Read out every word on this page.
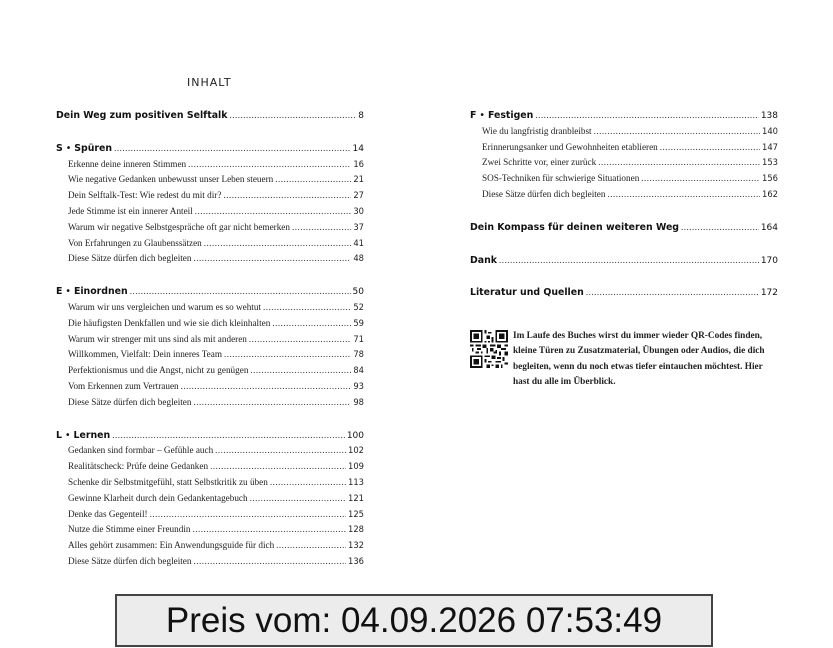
INHALT
Dein Weg zum positiven Selftalk .....	8
S • Spüren .....	14
Erkenne deine inneren Stimmen .....	16
Wie negative Gedanken unbewusst unser Leben steuern .....	21
Dein Selftalk-Test: Wie redest du mit dir? .....	27
Jede Stimme ist ein innerer Anteil .....	30
Warum wir negative Selbstgespräche oft gar nicht bemerken .....	37
Von Erfahrungen zu Glaubenssätzen .....	41
Diese Sätze dürfen dich begleiten .....	48
E • Einordnen .....	50
Warum wir uns vergleichen und warum es so wehtut .....	52
Die häufigsten Denkfallen und wie sie dich kleinhalten .....	59
Warum wir strenger mit uns sind als mit anderen .....	71
Willkommen, Vielfalt: Dein inneres Team .....	78
Perfektionismus und die Angst, nicht zu genügen .....	84
Vom Erkennen zum Vertrauen .....	93
Diese Sätze dürfen dich begleiten .....	98
L • Lernen .....	100
Gedanken sind formbar – Gefühle auch .....	102
Realitätscheck: Prüfe deine Gedanken .....	109
Schenke dir Selbstmitgefühl, statt Selbstkritik zu üben .....	113
Gewinne Klarheit durch dein Gedankentagebuch .....	121
Denke das Gegenteil! .....	125
Nutze die Stimme einer Freundin .....	128
Alles gehört zusammen: Ein Anwendungsguide für dich .....	132
Diese Sätze dürfen dich begleiten .....	136
F • Festigen .....	138
Wie du langfristig dranbleibst .....	140
Erinnerungsanker und Gewohnheiten etablieren .....	147
Zwei Schritte vor, einer zurück .....	153
SOS-Techniken für schwierige Situationen .....	156
Diese Sätze dürfen dich begleiten .....	162
Dein Kompass für deinen weiteren Weg .....	164
Dank .....	170
Literatur und Quellen .....	172
Im Laufe des Buches wirst du immer wieder QR-Codes finden, kleine Türen zu Zusatzmaterial, Übungen oder Audios, die dich begleiten, wenn du noch etwas tiefer eintauchen möchtest. Hier hast du alle im Überblick.
Preis vom: 04.09.2026 07:53:49
